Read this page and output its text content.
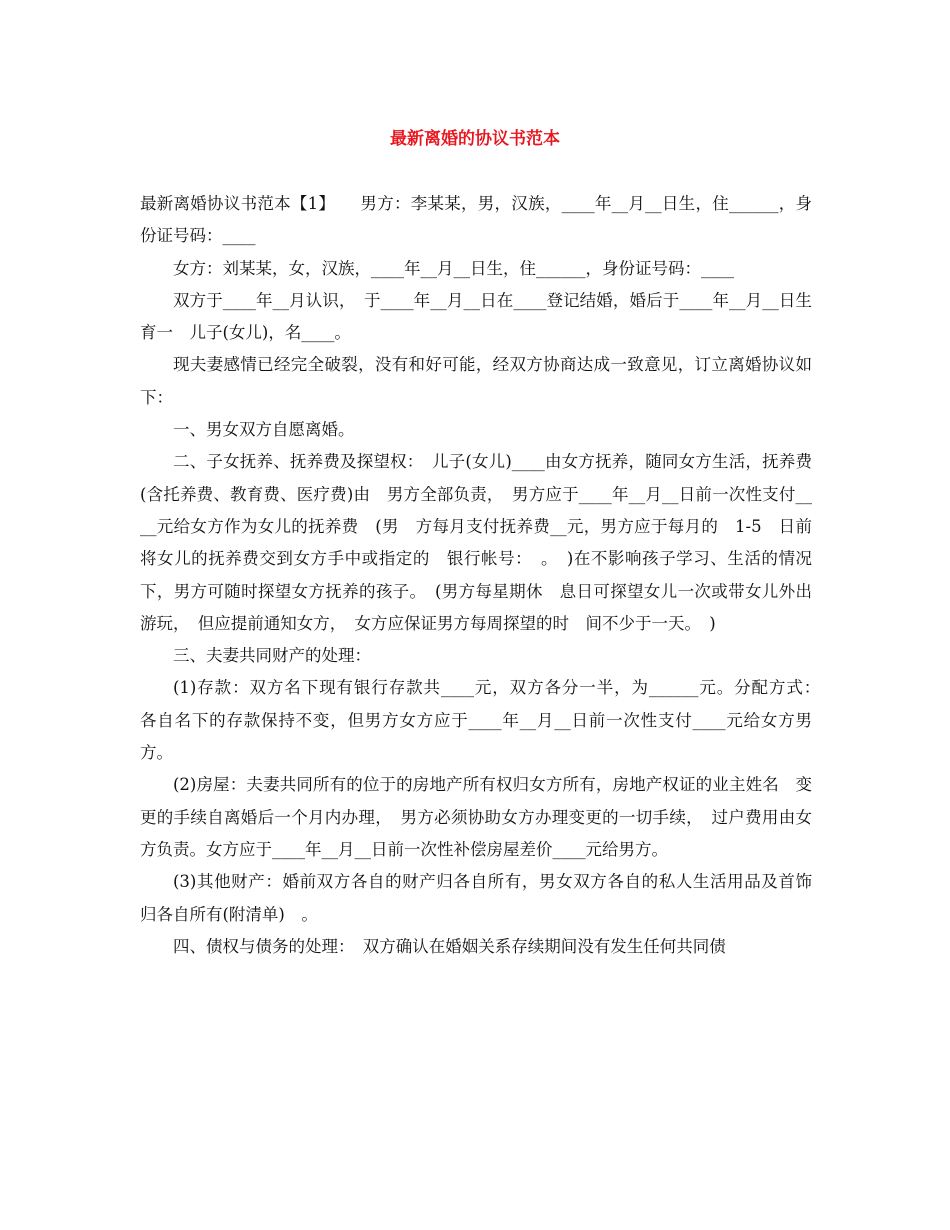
最新离婚的协议书范本

最新离婚协议书范本【1】　　男方：李某某，男，汉族，____年__月__日生，住______，身份证号码：____

女方：刘某某，女，汉族，____年__月__日生，住______，身份证号码：____

双方于____年__月认识，　于____年__月__日在____登记结婚，婚后于____年__月__日生育一　儿子(女儿)，名____。

现夫妻感情已经完全破裂，没有和好可能，经双方协商达成一致意见，订立离婚协议如下：

一、男女双方自愿离婚。

二、子女抚养、抚养费及探望权：　儿子(女儿)____由女方抚养，随同女方生活，抚养费(含托养费、教育费、医疗费)由　男方全部负责，　男方应于____年__月__日前一次性支付____元给女方作为女儿的抚养费　(男　方每月支付抚养费__元，男方应于每月的　1-5　日前将女儿的抚养费交到女方手中或指定的　银行帐号：　。　)在不影响孩子学习、生活的情况下，男方可随时探望女方抚养的孩子。　(男方每星期休　息日可探望女儿一次或带女儿外出游玩，　但应提前通知女方，　女方应保证男方每周探望的时　间不少于一天。　)

三、夫妻共同财产的处理：

(1)存款：双方名下现有银行存款共____元，双方各分一半，为______元。分配方式：　各自名下的存款保持不变，但男方女方应于____年__月__日前一次性支付____元给女方男　方。

(2)房屋：夫妻共同所有的位于的房地产所有权归女方所有，房地产权证的业主姓名　变更的手续自离婚后一个月内办理，　男方必须协助女方办理变更的一切手续，　过户费用由女　方负责。女方应于____年__月__日前一次性补偿房屋差价____元给男方。

(3)其他财产：婚前双方各自的财产归各自所有，男女双方各自的私人生活用品及首饰　归各自所有(附清单)　。

四、债权与债务的处理：　双方确认在婚姻关系存续期间没有发生任何共同债
